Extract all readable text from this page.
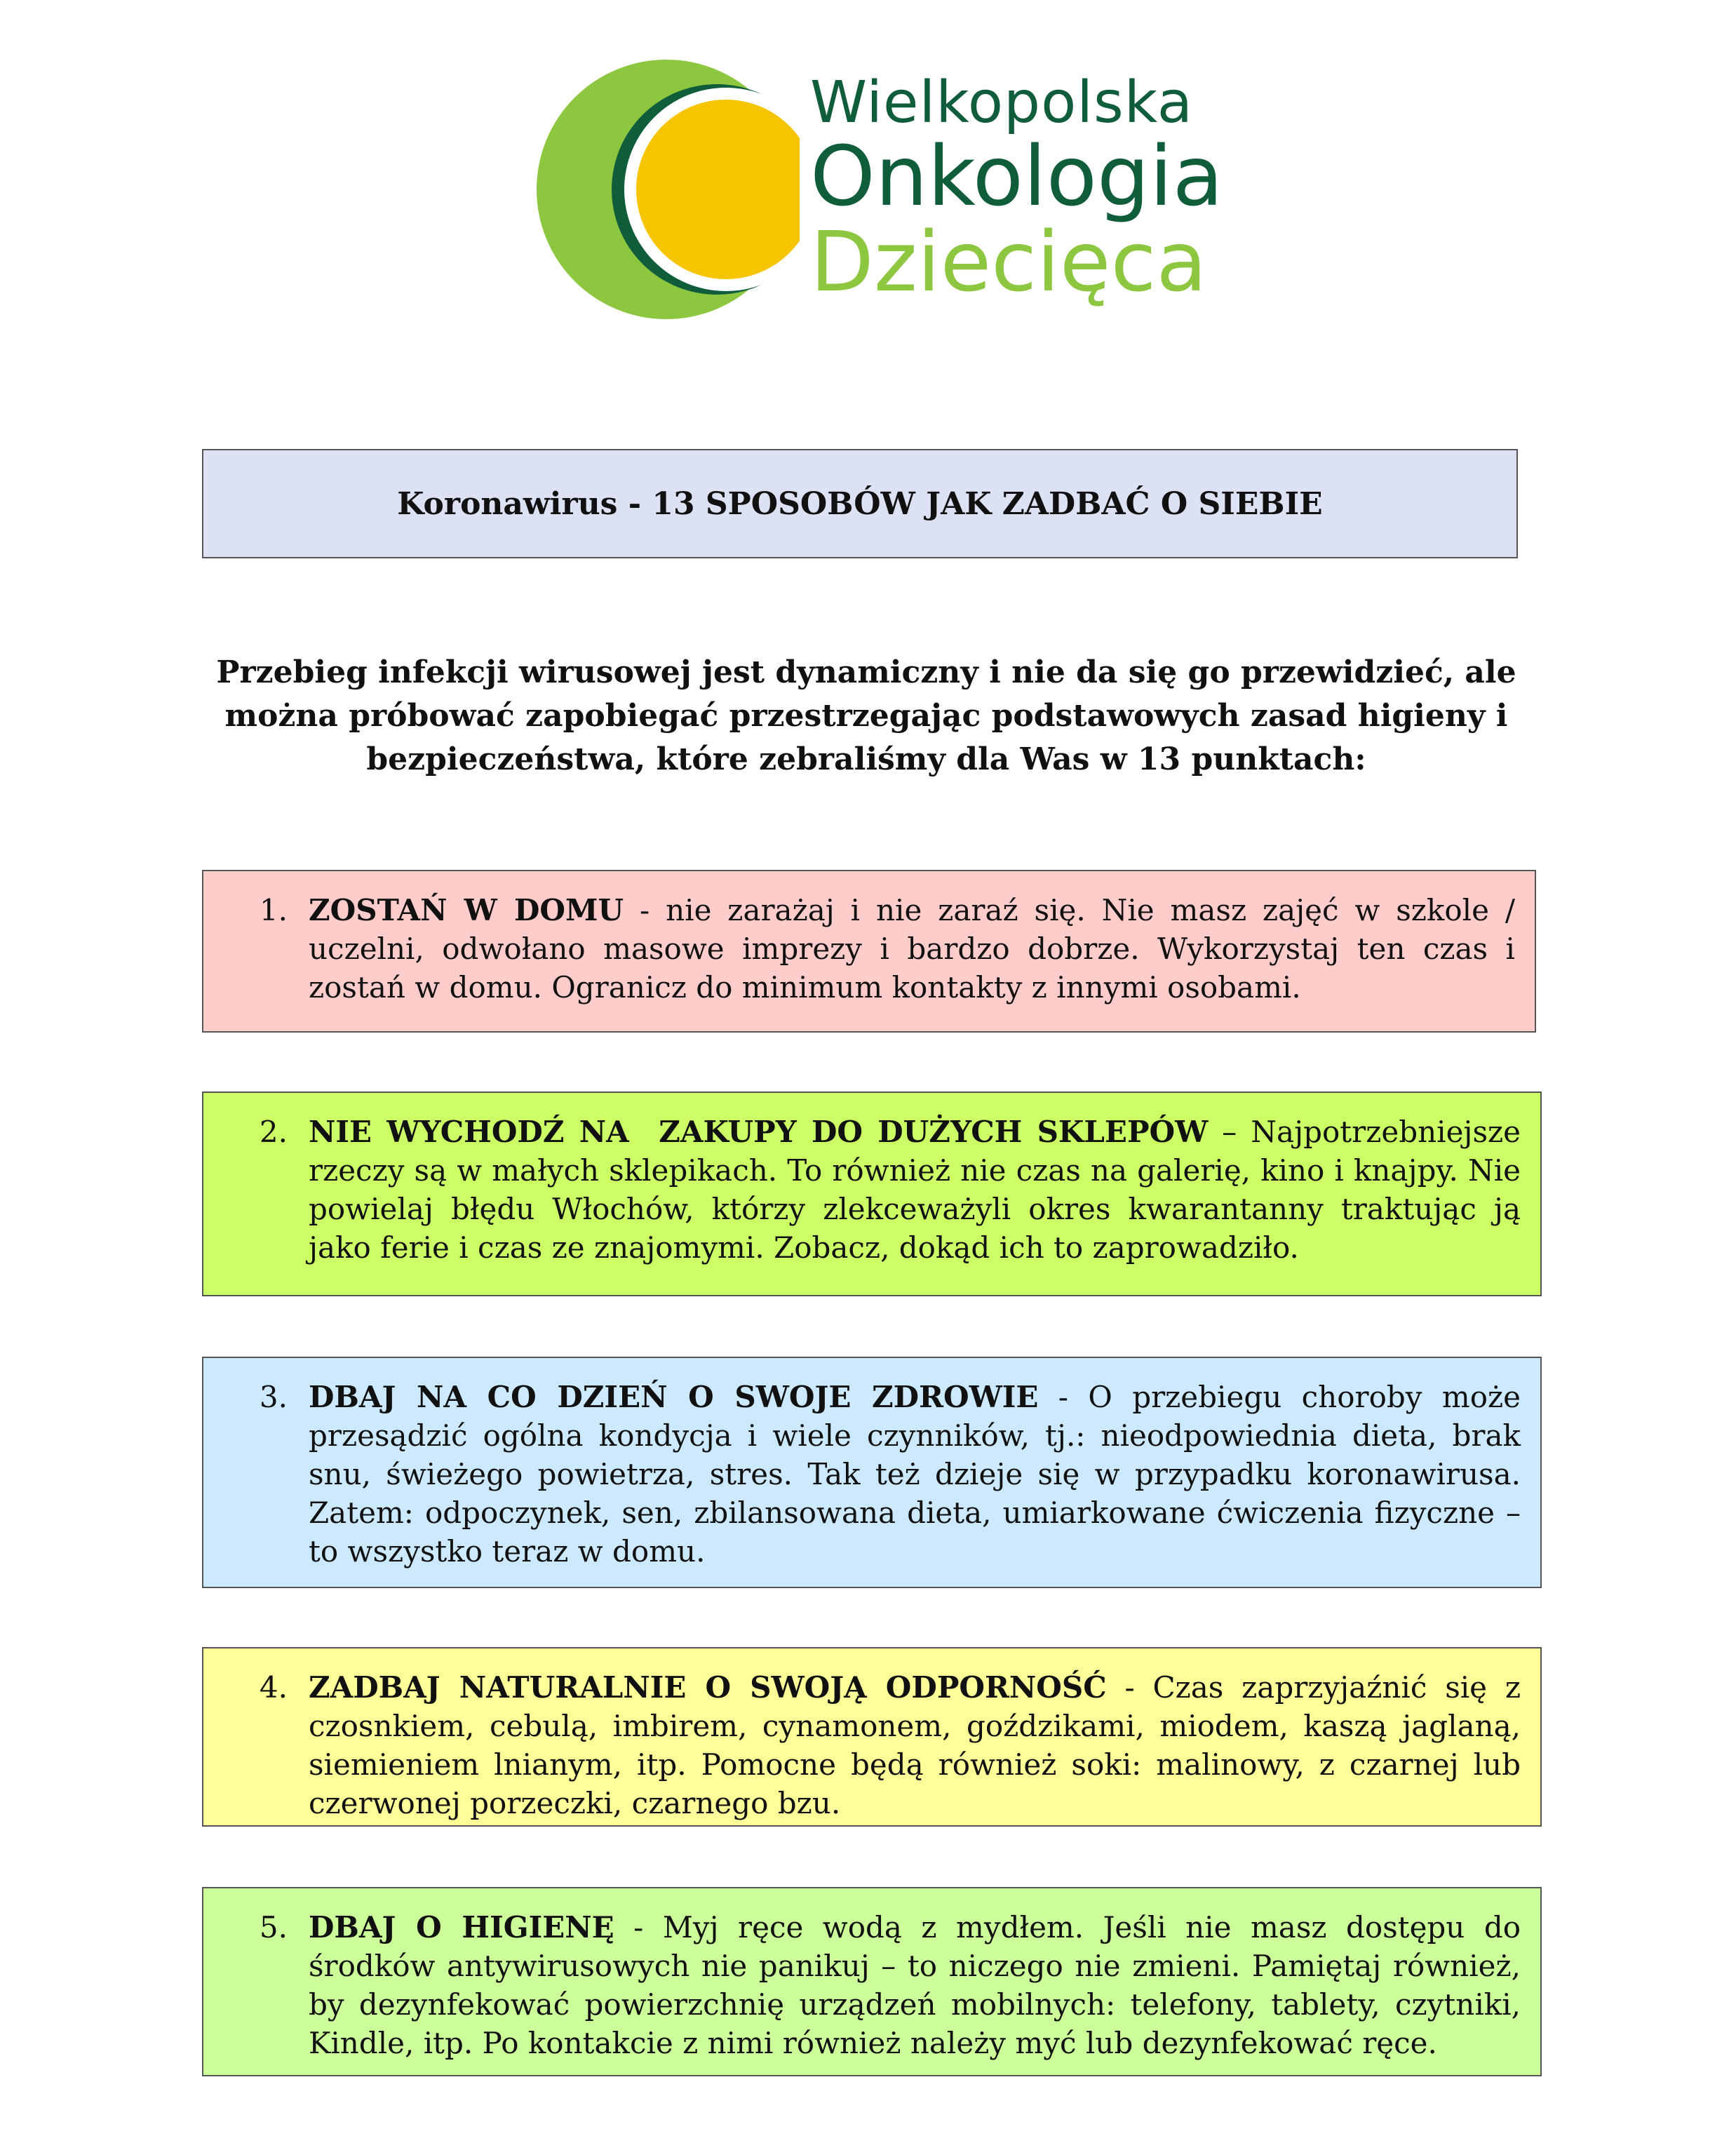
Wielkopolska
Onkologia
Dziecięca
Koronawirus - 13 SPOSOBÓW JAK ZADBAĆ O SIEBIE
Przebieg infekcji wirusowej jest dynamiczny i nie da się go przewidzieć, ale można próbować zapobiegać przestrzegając podstawowych zasad higieny i bezpieczeństwa, które zebraliśmy dla Was w 13 punktach:
1. ZOSTAŃ W DOMU - nie zarażaj i nie zaraź się. Nie masz zajęć w szkole / uczelni, odwołano masowe imprezy i bardzo dobrze. Wykorzystaj ten czas i zostań w domu. Ogranicz do minimum kontakty z innymi osobami.
2. NIE WYCHODŹ NA  ZAKUPY DO DUŻYCH SKLEPÓW – Najpotrzebniejsze rzeczy są w małych sklepikach. To również nie czas na galerię, kino i knajpy. Nie powielaj błędu Włochów, którzy zlekceważyli okres kwarantanny traktując ją jako ferie i czas ze znajomymi. Zobacz, dokąd ich to zaprowadziło.
3. DBAJ NA CO DZIEŃ O SWOJE ZDROWIE - O przebiegu choroby może przesądzić ogólna kondycja i wiele czynników, tj.: nieodpowiednia dieta, brak snu, świeżego powietrza, stres. Tak też dzieje się w przypadku koronawirusa. Zatem: odpoczynek, sen, zbilansowana dieta, umiarkowane ćwiczenia fizyczne – to wszystko teraz w domu.
4. ZADBAJ NATURALNIE O SWOJĄ ODPORNOŚĆ - Czas zaprzyjaźnić się z czosnkiem, cebulą, imbirem, cynamonem, goździkami, miodem, kaszą jaglaną, siemieniem lnianym, itp. Pomocne będą również soki: malinowy, z czarnej lub czerwonej porzeczki, czarnego bzu.
5. DBAJ O HIGIENĘ - Myj ręce wodą z mydłem. Jeśli nie masz dostępu do środków antywirusowych nie panikuj – to niczego nie zmieni. Pamiętaj również, by dezynfekować powierzchnię urządzeń mobilnych: telefony, tablety, czytniki, Kindle, itp. Po kontakcie z nimi również należy myć lub dezynfekować ręce.
